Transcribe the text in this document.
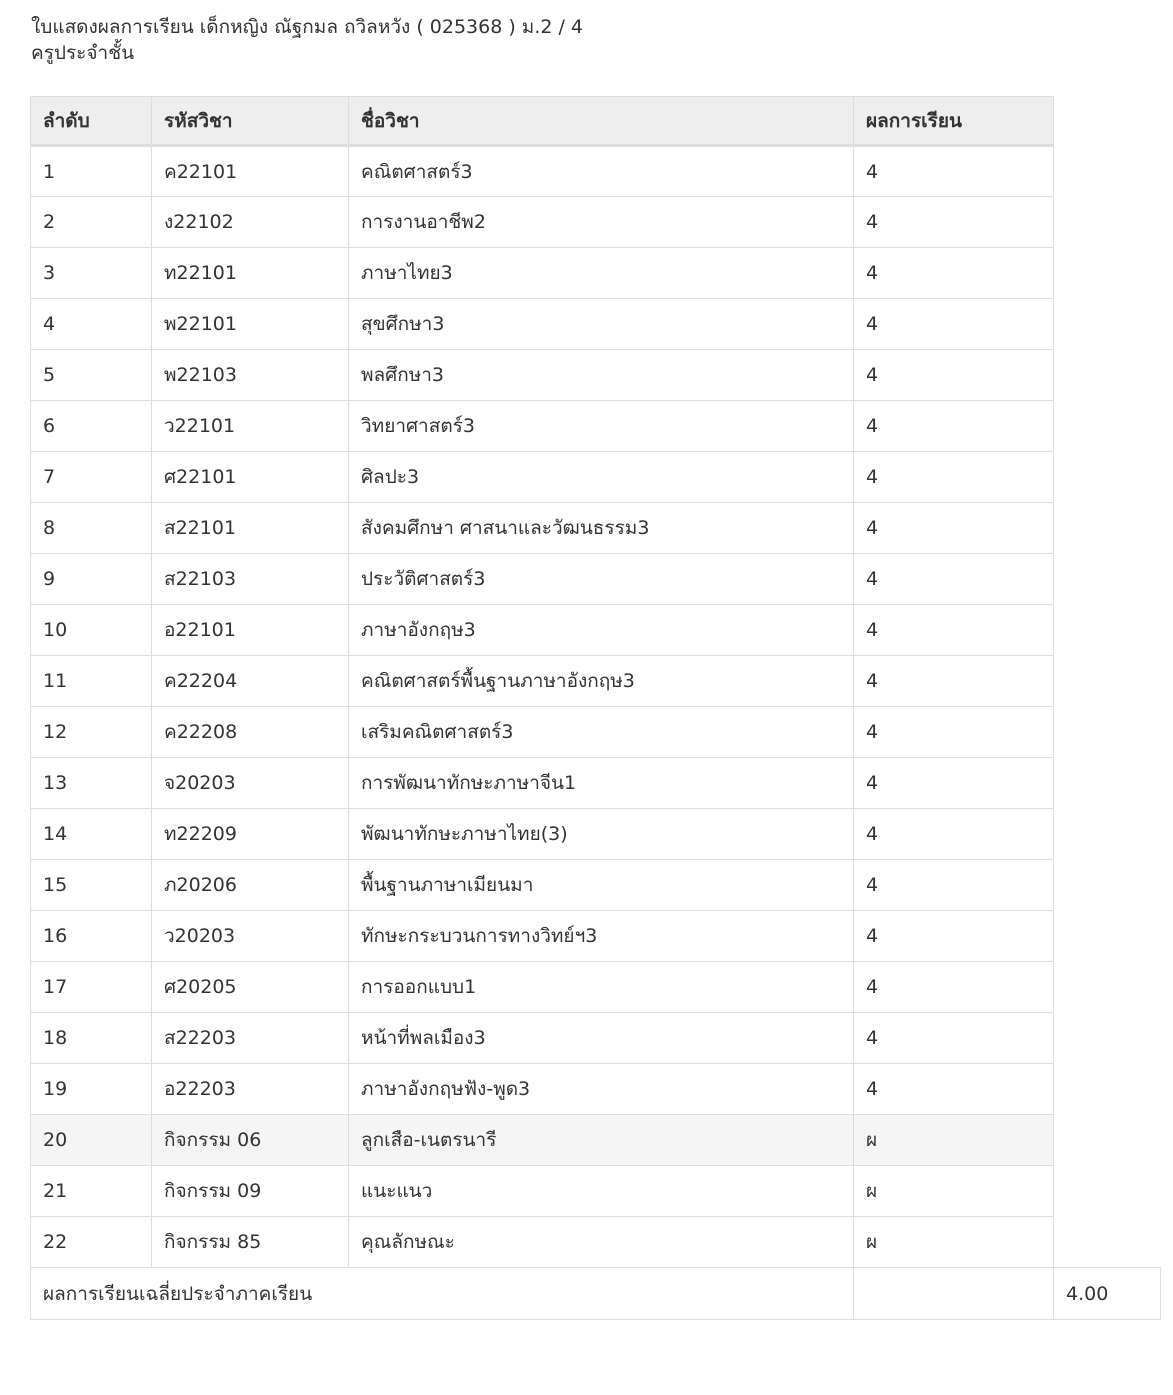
ใบแสดงผลการเรียน เด็กหญิง ณัฐกมล ถวิลหวัง ( 025368 ) ม.2 / 4
ครูประจำชั้น
ลำดับ	รหัสวิชา	ชื่อวิชา	ผลการเรียน	
1	ค22101	คณิตศาสตร์3	4	
2	ง22102	การงานอาชีพ2	4	
3	ท22101	ภาษาไทย3	4	
4	พ22101	สุขศึกษา3	4	
5	พ22103	พลศึกษา3	4	
6	ว22101	วิทยาศาสตร์3	4	
7	ศ22101	ศิลปะ3	4	
8	ส22101	สังคมศึกษา ศาสนาและวัฒนธรรม3	4	
9	ส22103	ประวัติศาสตร์3	4	
10	อ22101	ภาษาอังกฤษ3	4	
11	ค22204	คณิตศาสตร์พื้นฐานภาษาอังกฤษ3	4	
12	ค22208	เสริมคณิตศาสตร์3	4	
13	จ20203	การพัฒนาทักษะภาษาจีน1	4	
14	ท22209	พัฒนาทักษะภาษาไทย(3)	4	
15	ภ20206	พื้นฐานภาษาเมียนมา	4	
16	ว20203	ทักษะกระบวนการทางวิทย์ฯ3	4	
17	ศ20205	การออกแบบ1	4	
18	ส22203	หน้าที่พลเมือง3	4	
19	อ22203	ภาษาอังกฤษฟัง-พูด3	4	
20	กิจกรรม 06	ลูกเสือ-เนตรนารี	ผ	
21	กิจกรรม 09	แนะแนว	ผ	
22	กิจกรรม 85	คุณลักษณะ	ผ	
ผลการเรียนเฉลี่ยประจำภาคเรียน				4.00
